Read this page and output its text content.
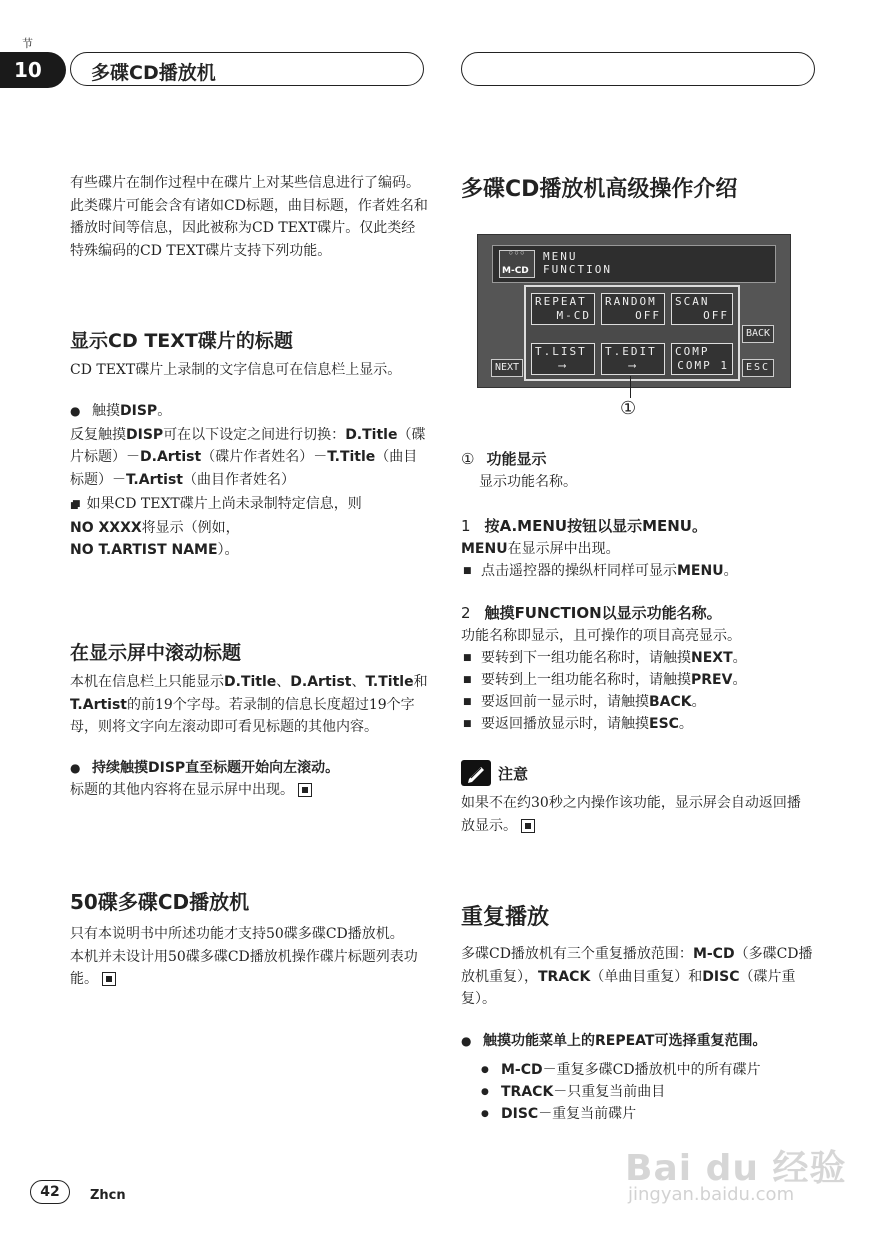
节
10	多碟CD播放机

有些碟片在制作过程中在碟片上对某些信息进行了编码。此类碟片可能会含有诸如CD标题，曲目标题，作者姓名和播放时间等信息，因此被称为CD TEXT碟片。仅此类经特殊编码的CD TEXT碟片支持下列功能。

显示CD TEXT碟片的标题

CD TEXT碟片上录制的文字信息可在信息栏上显示。

● 触摸DISP。

反复触摸DISP可在以下设定之间进行切换：D.Title（碟片标题）－D.Artist（碟片作者姓名）－T.Title（曲目标题）－T.Artist（曲目作者姓名）

■ ■ 如果CD TEXT碟片上尚未录制特定信息，则
NO XXXX将显示（例如，
NO T.ARTIST NAME）。

在显示屏中滚动标题

本机在信息栏上只能显示D.Title、D.Artist、T.Title和T.Artist的前19个字母。若录制的信息长度超过19个字母，则将文字向左滚动即可看见标题的其他内容。

● 持续触摸DISP直至标题开始向左滚动。

标题的其他内容将在显示屏中出现。

50碟多碟CD播放机

只有本说明书中所述功能才支持50碟多碟CD播放机。

本机并未设计用50碟多碟CD播放机操作碟片标题列表功能。

多碟CD播放机高级操作介绍
◦◦◦
M-CD
MENU
FUNCTION
REPEAT
M-CD
RANDOM
OFF
SCAN
OFF
T.LIST
⟶
T.EDIT
⟶
COMP
COMP 1
BACK
ESC
NEXT
①

① 功能显示

显示功能名称。

1 按A.MENU按钮以显示MENU。

MENU在显示屏中出现。

■ 点击遥控器的操纵杆同样可显示MENU。

2 触摸FUNCTION以显示功能名称。

功能名称即显示，且可操作的项目高亮显示。

■ 要转到下一组功能名称时，请触摸NEXT。

■ 要转到上一组功能名称时，请触摸PREV。

■ 要返回前一显示时，请触摸BACK。

■ 要返回播放显示时，请触摸ESC。

注意

如果不在约30秒之内操作该功能，显示屏会自动返回播放显示。

重复播放

多碟CD播放机有三个重复播放范围：M-CD（多碟CD播放机重复），TRACK（单曲目重复）和DISC（碟片重复）。

● 触摸功能菜单上的REPEAT可选择重复范围。

● M-CD－重复多碟CD播放机中的所有碟片

● TRACK－只重复当前曲目

● DISC－重复当前碟片

42	Zhcn
Bai du 经验
jingyan.baidu.com
